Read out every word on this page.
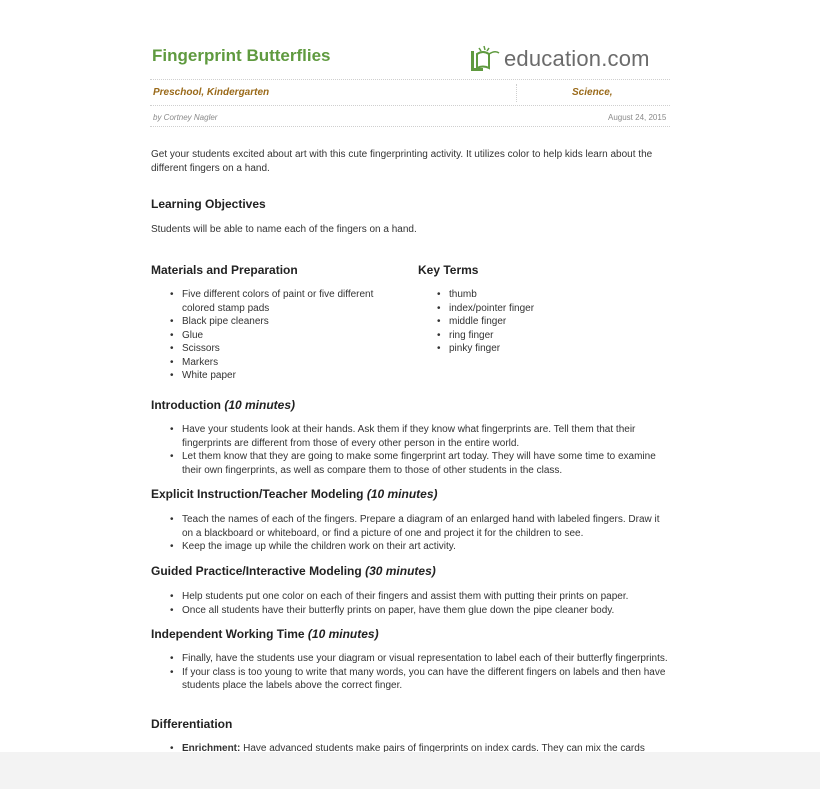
Fingerprint Butterflies	education.com
Preschool, Kindergarten	Science,
by Cortney Nagler	August 24, 2015
Get your students excited about art with this cute fingerprinting activity. It utilizes color to help kids learn about the different fingers on a hand.
Learning Objectives
Students will be able to name each of the fingers on a hand.
Materials and Preparation
• Five different colors of paint or five different colored stamp pads
• Black pipe cleaners
• Glue
• Scissors
• Markers
• White paper
Key Terms
• thumb
• index/pointer finger
• middle finger
• ring finger
• pinky finger
Introduction (10 minutes)
• Have your students look at their hands. Ask them if they know what fingerprints are. Tell them that their fingerprints are different from those of every other person in the entire world.
• Let them know that they are going to make some fingerprint art today. They will have some time to examine their own fingerprints, as well as compare them to those of other students in the class.
Explicit Instruction/Teacher Modeling (10 minutes)
• Teach the names of each of the fingers. Prepare a diagram of an enlarged hand with labeled fingers. Draw it on a blackboard or whiteboard, or find a picture of one and project it for the children to see.
• Keep the image up while the children work on their art activity.
Guided Practice/Interactive Modeling (30 minutes)
• Help students put one color on each of their fingers and assist them with putting their prints on paper.
• Once all students have their butterfly prints on paper, have them glue down the pipe cleaner body.
Independent Working Time (10 minutes)
• Finally, have the students use your diagram or visual representation to label each of their butterfly fingerprints.
• If your class is too young to write that many words, you can have the different fingers on labels and then have students place the labels above the correct finger.
Differentiation
• Enrichment: Have advanced students make pairs of fingerprints on index cards. They can mix the cards
